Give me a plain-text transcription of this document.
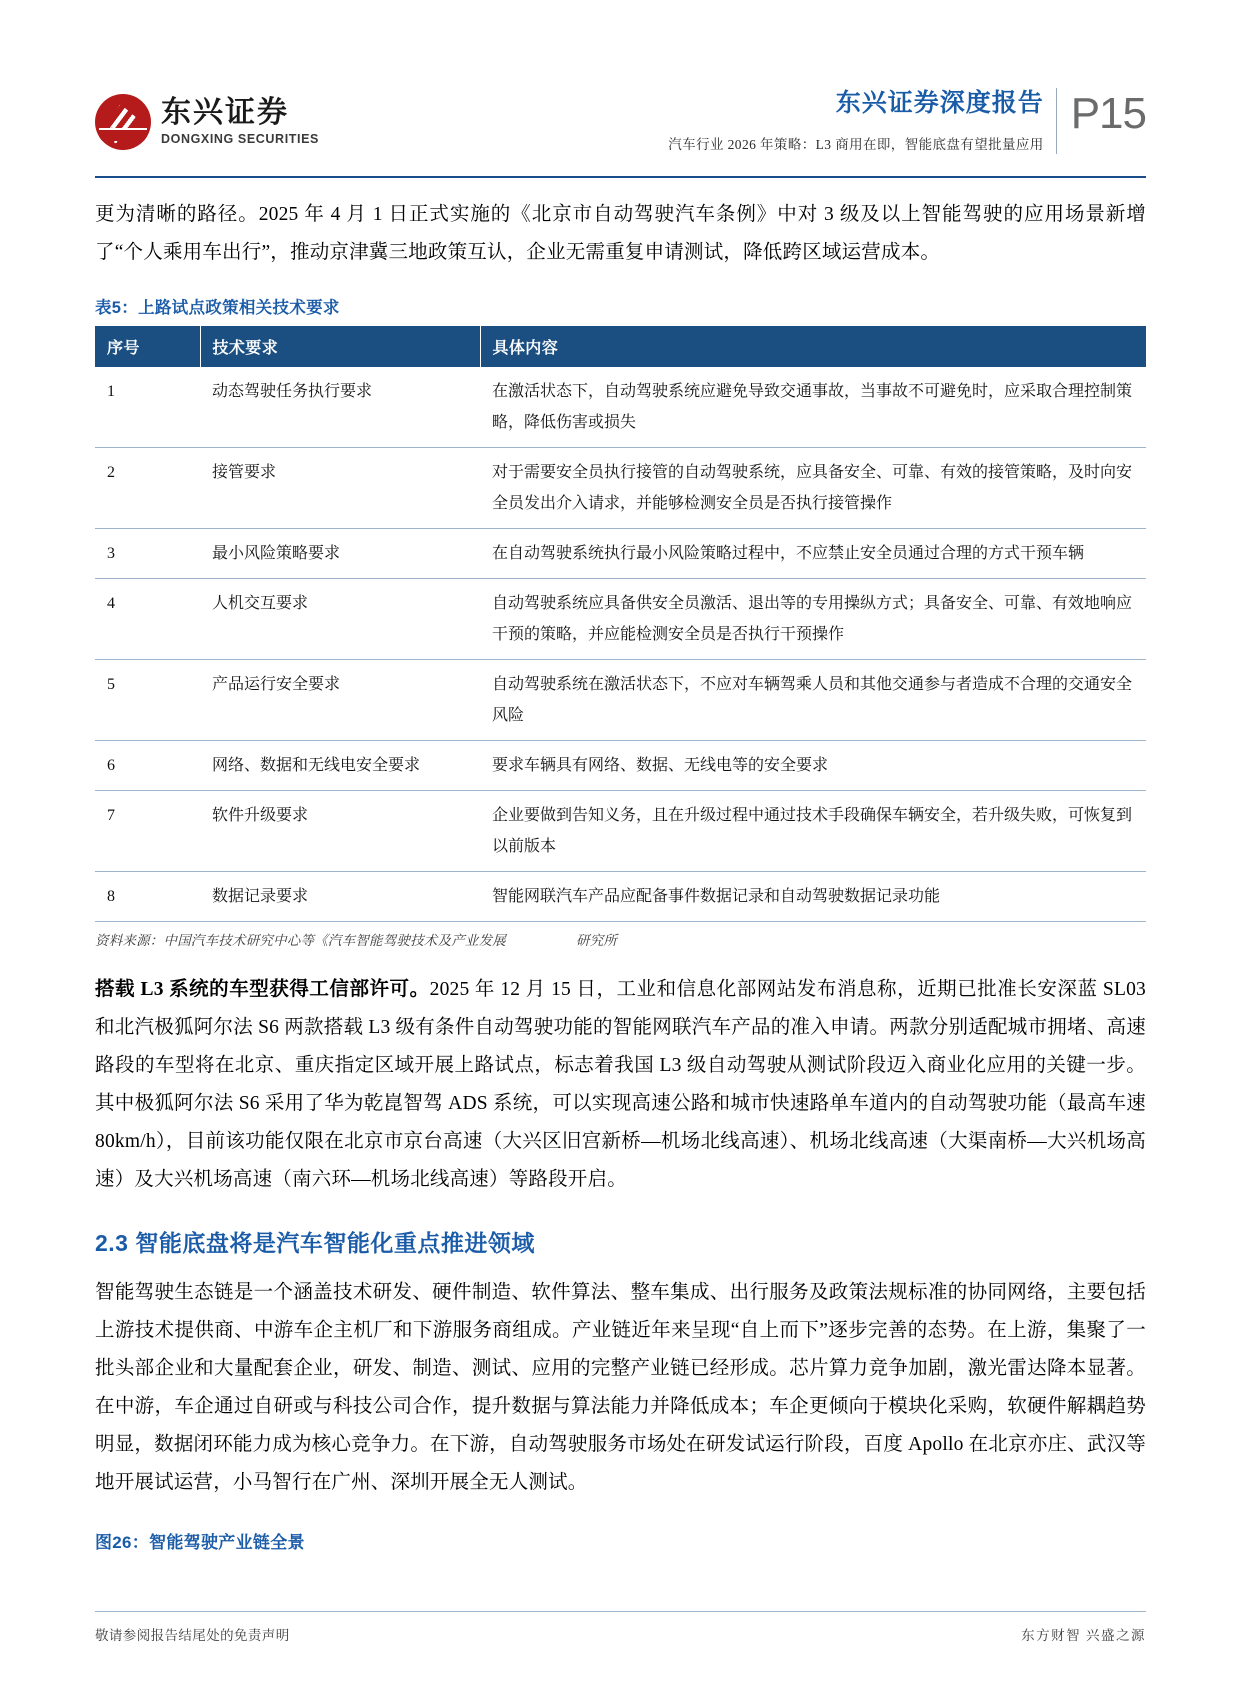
东兴证券
DONGXING SECURITIES
东兴证券深度报告
汽车行业 2026 年策略：L3 商用在即，智能底盘有望批量应用
P15

更为清晰的路径。2025 年 4 月 1 日正式实施的《北京市自动驾驶汽车条例》中对 3 级及以上智能驾驶的应用场景新增了“个人乘用车出行”，推动京津冀三地政策互认，企业无需重复申请测试，降低跨区域运营成本。

表5：上路试点政策相关技术要求
序号	技术要求	具体内容
1	动态驾驶任务执行要求	在激活状态下，自动驾驶系统应避免导致交通事故，当事故不可避免时，应采取合理控制策略，降低伤害或损失
2	接管要求	对于需要安全员执行接管的自动驾驶系统，应具备安全、可靠、有效的接管策略，及时向安全员发出介入请求，并能够检测安全员是否执行接管操作
3	最小风险策略要求	在自动驾驶系统执行最小风险策略过程中，不应禁止安全员通过合理的方式干预车辆
4	人机交互要求	自动驾驶系统应具备供安全员激活、退出等的专用操纵方式；具备安全、可靠、有效地响应干预的策略，并应能检测安全员是否执行干预操作
5	产品运行安全要求	自动驾驶系统在激活状态下，不应对车辆驾乘人员和其他交通参与者造成不合理的交通安全风险
6	网络、数据和无线电安全要求	要求车辆具有网络、数据、无线电等的安全要求
7	软件升级要求	企业要做到告知义务，且在升级过程中通过技术手段确保车辆安全，若升级失败，可恢复到以前版本
8	数据记录要求	智能网联汽车产品应配备事件数据记录和自动驾驶数据记录功能
资料来源：中国汽车技术研究中心等《汽车智能驾驶技术及产业发展	研究所

搭载 L3 系统的车型获得工信部许可。2025 年 12 月 15 日，工业和信息化部网站发布消息称，近期已批准长安深蓝 SL03 和北汽极狐阿尔法 S6 两款搭载 L3 级有条件自动驾驶功能的智能网联汽车产品的准入申请。两款分别适配城市拥堵、高速路段的车型将在北京、重庆指定区域开展上路试点，标志着我国 L3 级自动驾驶从测试阶段迈入商业化应用的关键一步。其中极狐阿尔法 S6 采用了华为乾崑智驾 ADS 系统，可以实现高速公路和城市快速路单车道内的自动驾驶功能（最高车速 80km/h），目前该功能仅限在北京市京台高速（大兴区旧宫新桥—机场北线高速）、机场北线高速（大渠南桥—大兴机场高速）及大兴机场高速（南六环—机场北线高速）等路段开启。

2.3 智能底盘将是汽车智能化重点推进领域

智能驾驶生态链是一个涵盖技术研发、硬件制造、软件算法、整车集成、出行服务及政策法规标准的协同网络，主要包括上游技术提供商、中游车企主机厂和下游服务商组成。产业链近年来呈现“自上而下”逐步完善的态势。在上游，集聚了一批头部企业和大量配套企业，研发、制造、测试、应用的完整产业链已经形成。芯片算力竞争加剧，激光雷达降本显著。在中游，车企通过自研或与科技公司合作，提升数据与算法能力并降低成本；车企更倾向于模块化采购，软硬件解耦趋势明显，数据闭环能力成为核心竞争力。在下游，自动驾驶服务市场处在研发试运行阶段，百度 Apollo 在北京亦庄、武汉等地开展试运营，小马智行在广州、深圳开展全无人测试。

图26：智能驾驶产业链全景
敬请参阅报告结尾处的免责声明	东方财智 兴盛之源
